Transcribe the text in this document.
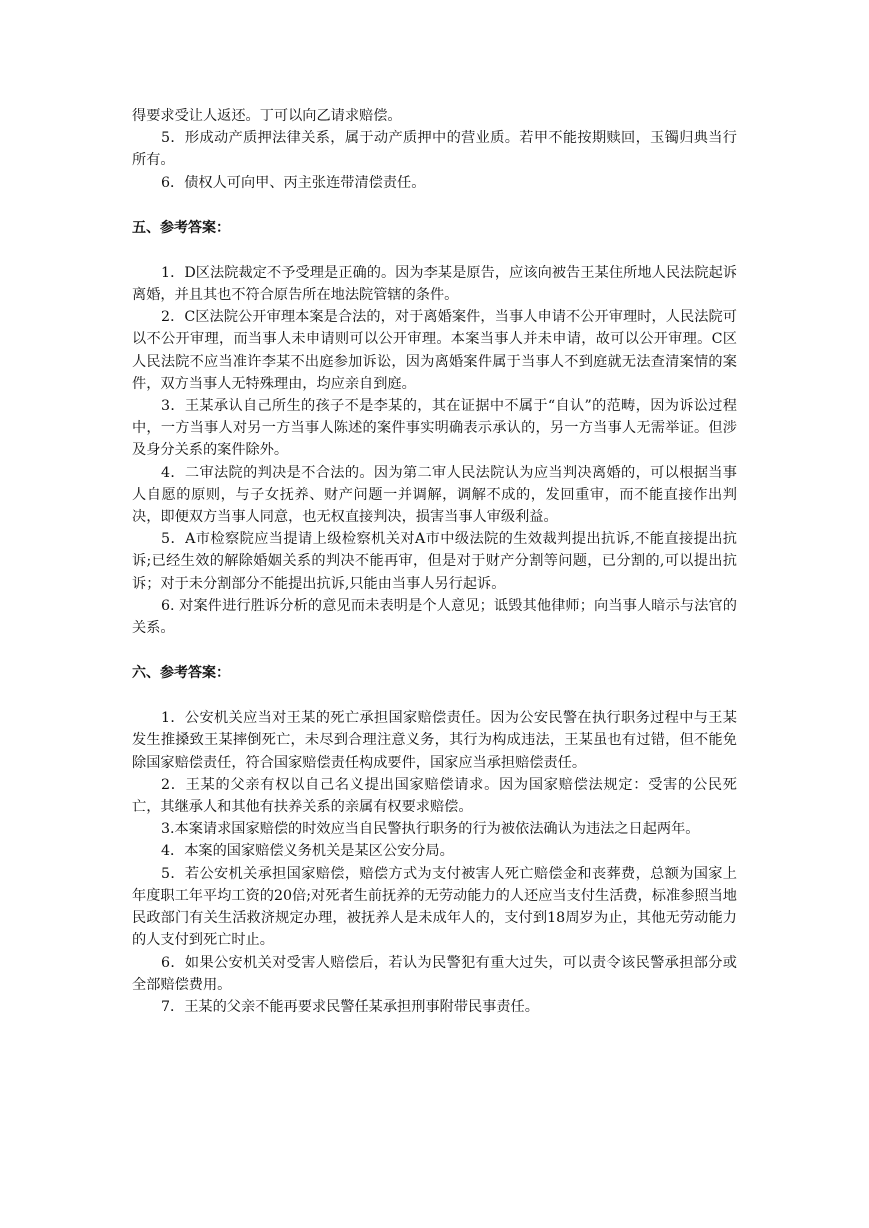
得要求受让人返还。丁可以向乙请求赔偿。

5．形成动产质押法律关系，属于动产质押中的营业质。若甲不能按期赎回，玉镯归典当行所有。

6．债权人可向甲、丙主张连带清偿责任。

五、参考答案：

1．D区法院裁定不予受理是正确的。因为李某是原告，应该向被告王某住所地人民法院起诉离婚，并且其也不符合原告所在地法院管辖的条件。

2．C区法院公开审理本案是合法的，对于离婚案件，当事人申请不公开审理时，人民法院可以不公开审理，而当事人未申请则可以公开审理。本案当事人并未申请，故可以公开审理。C区人民法院不应当准许李某不出庭参加诉讼，因为离婚案件属于当事人不到庭就无法查清案情的案件，双方当事人无特殊理由，均应亲自到庭。

3．王某承认自己所生的孩子不是李某的，其在证据中不属于“自认”的范畴，因为诉讼过程中，一方当事人对另一方当事人陈述的案件事实明确表示承认的，另一方当事人无需举证。但涉及身分关系的案件除外。

4．二审法院的判决是不合法的。因为第二审人民法院认为应当判决离婚的，可以根据当事人自愿的原则，与子女抚养、财产问题一并调解，调解不成的，发回重审，而不能直接作出判决，即便双方当事人同意，也无权直接判决，损害当事人审级利益。

5．A市检察院应当提请上级检察机关对A市中级法院的生效裁判提出抗诉,不能直接提出抗诉;已经生效的解除婚姻关系的判决不能再审，但是对于财产分割等问题，已分割的,可以提出抗诉；对于未分割部分不能提出抗诉,只能由当事人另行起诉。

6. 对案件进行胜诉分析的意见而未表明是个人意见；诋毁其他律师；向当事人暗示与法官的关系。

六、参考答案：

1．公安机关应当对王某的死亡承担国家赔偿责任。因为公安民警在执行职务过程中与王某发生推搡致王某摔倒死亡，未尽到合理注意义务，其行为构成违法，王某虽也有过错，但不能免除国家赔偿责任，符合国家赔偿责任构成要件，国家应当承担赔偿责任。

2．王某的父亲有权以自己名义提出国家赔偿请求。因为国家赔偿法规定：受害的公民死亡，其继承人和其他有扶养关系的亲属有权要求赔偿。

3.本案请求国家赔偿的时效应当自民警执行职务的行为被依法确认为违法之日起两年。

4．本案的国家赔偿义务机关是某区公安分局。

5．若公安机关承担国家赔偿，赔偿方式为支付被害人死亡赔偿金和丧葬费，总额为国家上年度职工年平均工资的20倍;对死者生前抚养的无劳动能力的人还应当支付生活费，标准参照当地民政部门有关生活救济规定办理，被抚养人是未成年人的，支付到18周岁为止，其他无劳动能力的人支付到死亡时止。

6．如果公安机关对受害人赔偿后，若认为民警犯有重大过失，可以责令该民警承担部分或全部赔偿费用。

7．王某的父亲不能再要求民警任某承担刑事附带民事责任。
